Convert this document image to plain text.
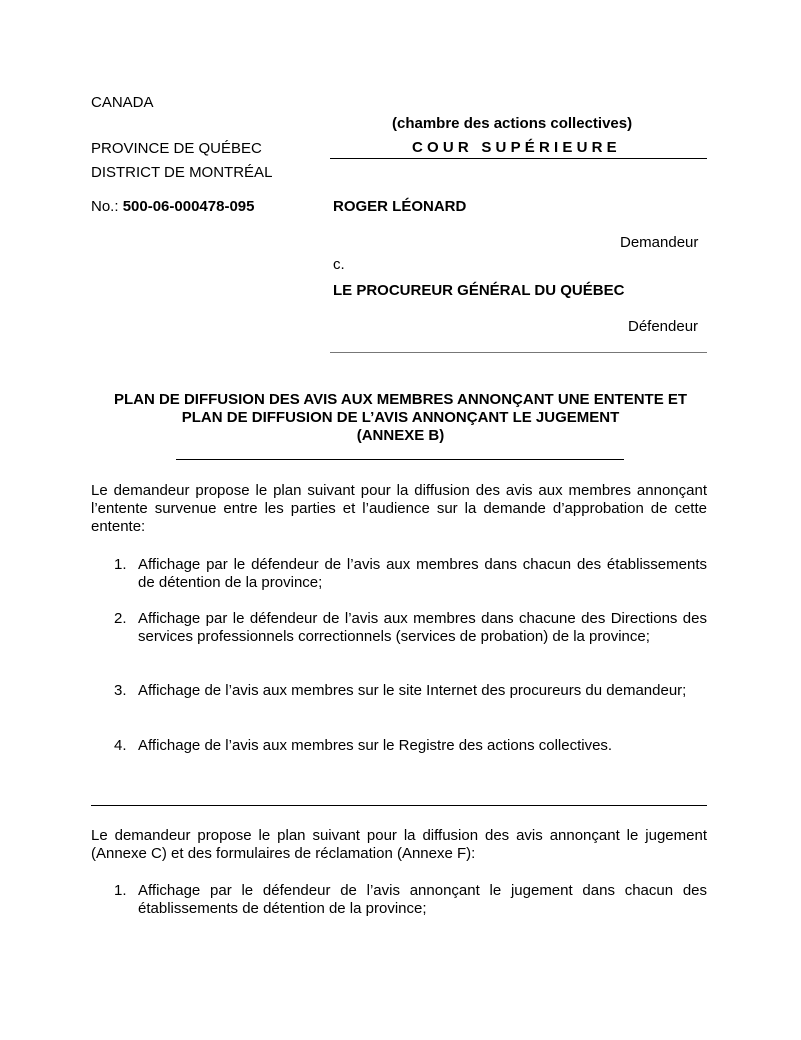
CANADA
PROVINCE DE QUÉBEC
DISTRICT DE MONTRÉAL
No.: 500-06-000478-095
(chambre des actions collectives)
COUR SUPÉRIEURE
ROGER LÉONARD
Demandeur
c.
LE PROCUREUR GÉNÉRAL DU QUÉBEC
Défendeur
PLAN DE DIFFUSION DES AVIS AUX MEMBRES ANNONÇANT UNE ENTENTE ET
PLAN DE DIFFUSION DE L’AVIS ANNONÇANT LE JUGEMENT
(ANNEXE B)
Le demandeur propose le plan suivant pour la diffusion des avis aux membres annonçant l’entente survenue entre les parties et l’audience sur la demande d’approbation de cette entente:
1. Affichage par le défendeur de l’avis aux membres dans chacun des établissements de détention de la province;
2. Affichage par le défendeur de l’avis aux membres dans chacune des Directions des services professionnels correctionnels (services de probation) de la province;
3. Affichage de l’avis aux membres sur le site Internet des procureurs du demandeur;
4. Affichage de l’avis aux membres sur le Registre des actions collectives.
Le demandeur propose le plan suivant pour la diffusion des avis annonçant le jugement (Annexe C) et des formulaires de réclamation (Annexe F):
1. Affichage par le défendeur de l’avis annonçant le jugement dans chacun des établissements de détention de la province;
